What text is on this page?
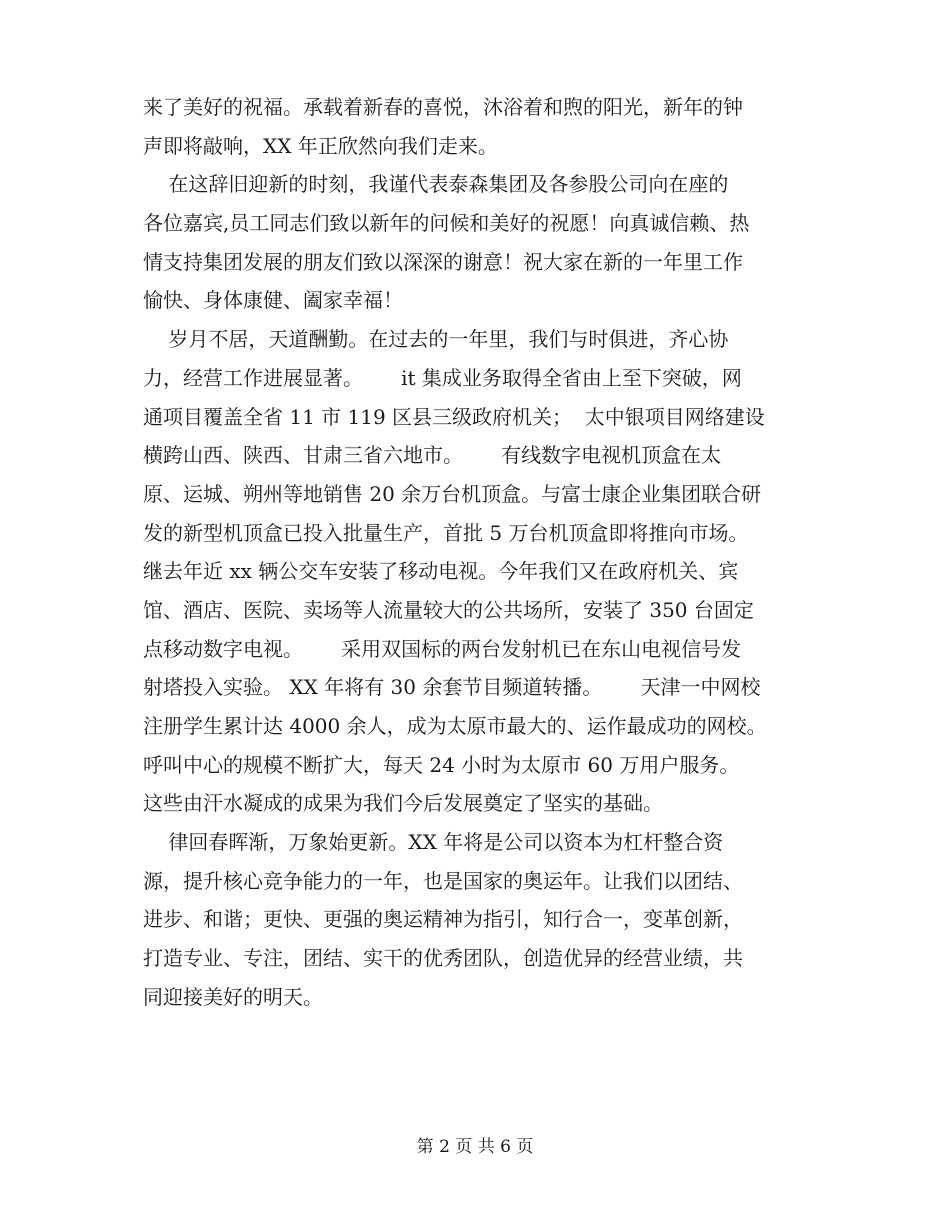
来了美好的祝福。承载着新春的喜悦，沐浴着和煦的阳光，新年的钟
声即将敲响，XX 年正欣然向我们走来。
在这辞旧迎新的时刻，我谨代表泰森集团及各参股公司向在座的
各位嘉宾,员工同志们致以新年的问候和美好的祝愿！向真诚信赖、热
情支持集团发展的朋友们致以深深的谢意！祝大家在新的一年里工作
愉快、身体康健、阖家幸福！
岁月不居，天道酬勤。在过去的一年里，我们与时俱进，齐心协
力，经营工作进展显著。      it 集成业务取得全省由上至下突破，网
通项目覆盖全省 11 市 119 区县三级政府机关；  太中银项目网络建设
横跨山西、陕西、甘肃三省六地市。      有线数字电视机顶盒在太
原、运城、朔州等地销售 20 余万台机顶盒。与富士康企业集团联合研
发的新型机顶盒已投入批量生产，首批 5 万台机顶盒即将推向市场。
继去年近 xx 辆公交车安装了移动电视。今年我们又在政府机关、宾
馆、酒店、医院、卖场等人流量较大的公共场所，安装了 350 台固定
点移动数字电视。      采用双国标的两台发射机已在东山电视信号发
射塔投入实验。 XX 年将有 30 余套节目频道转播。      天津一中网校
注册学生累计达 4000 余人，成为太原市最大的、运作最成功的网校。
呼叫中心的规模不断扩大，每天 24 小时为太原市 60 万用户服务。
这些由汗水凝成的成果为我们今后发展奠定了坚实的基础。
律回春晖渐，万象始更新。XX 年将是公司以资本为杠杆整合资
源，提升核心竞争能力的一年，也是国家的奥运年。让我们以团结、
进步、和谐；更快、更强的奥运精神为指引，知行合一，变革创新，
打造专业、专注，团结、实干的优秀团队，创造优异的经营业绩，共
同迎接美好的明天。
第 2 页 共 6 页
